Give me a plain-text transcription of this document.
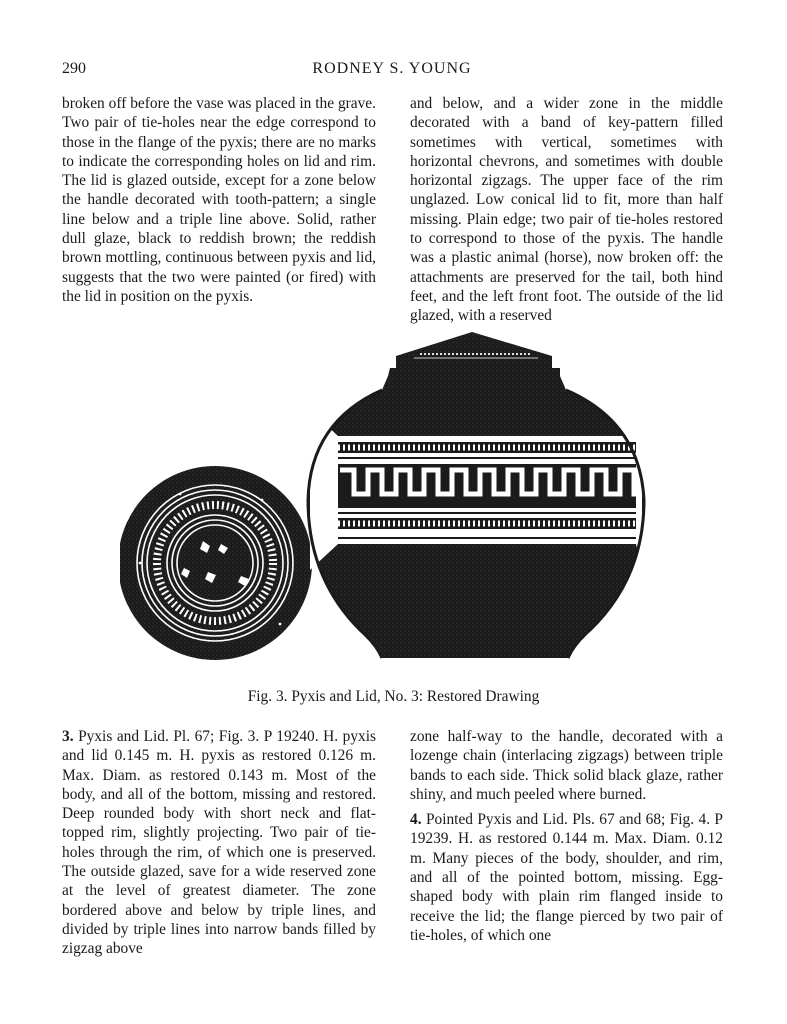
290	RODNEY S. YOUNG

broken off before the vase was placed in the grave. Two pair of tie-holes near the edge correspond to those in the flange of the pyxis; there are no marks to indicate the corresponding holes on lid and rim. The lid is glazed outside, except for a zone below the handle decorated with tooth-pattern; a single line below and a triple line above. Solid, rather dull glaze, black to reddish brown; the reddish brown mottling, continuous between pyxis and lid, suggests that the two were painted (or fired) with the lid in position on the pyxis.

and below, and a wider zone in the middle decorated with a band of key-pattern filled sometimes with vertical, sometimes with horizontal chevrons, and sometimes with double horizontal zigzags. The upper face of the rim unglazed. Low conical lid to fit, more than half missing. Plain edge; two pair of tie-holes restored to correspond to those of the pyxis. The handle was a plastic animal (horse), now broken off: the attachments are preserved for the tail, both hind feet, and the left front foot. The outside of the lid glazed, with a reserved

Fig. 3. Pyxis and Lid, No. 3: Restored Drawing

3. Pyxis and Lid. Pl. 67; Fig. 3. P 19240. H. pyxis and lid 0.145 m. H. pyxis as restored 0.126 m. Max. Diam. as restored 0.143 m. Most of the body, and all of the bottom, missing and restored. Deep rounded body with short neck and flat-topped rim, slightly projecting. Two pair of tie-holes through the rim, of which one is preserved. The outside glazed, save for a wide reserved zone at the level of greatest diameter. The zone bordered above and below by triple lines, and divided by triple lines into narrow bands filled by zigzag above

zone half-way to the handle, decorated with a lozenge chain (interlacing zigzags) between triple bands to each side. Thick solid black glaze, rather shiny, and much peeled where burned.

4. Pointed Pyxis and Lid. Pls. 67 and 68; Fig. 4. P 19239. H. as restored 0.144 m. Max. Diam. 0.12 m. Many pieces of the body, shoulder, and rim, and all of the pointed bottom, missing. Egg-shaped body with plain rim flanged inside to receive the lid; the flange pierced by two pair of tie-holes, of which one
